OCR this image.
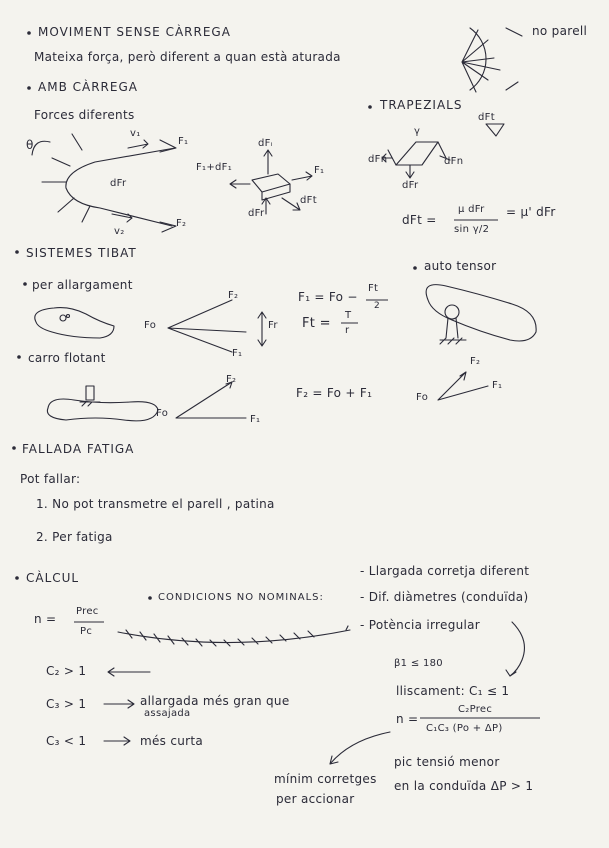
MOVIMENT SENSE CÀRREGA
Mateixa força, però diferent a quan està aturada
no parell
AMB CÀRREGA
Forces diferents
θ
v₁
F₁
dFr
F₂
v₂
dFᵢ
F₁+dF₁	F₁
dFt
dFr
TRAPEZIALS
dFt
γ
dFn	dFn
dFr
dFt =
μ dFr
sin γ/2
= μ' dFr
SISTEMES TIBAT
per allargament
F₂
Fo	Fr
F₁
F₁ = Fo −
Ft
2
Ft =
T
r
auto tensor
F₂
F₁
Fo
carro flotant
F₂
Fo
F₁
F₂ = Fo + F₁
FALLADA FATIGA
Pot fallar:
1. No pot transmetre el parell , patina
2. Per fatiga
CÀLCUL
n =
Prec
Pc
CONDICIONS NO NOMINALS:
- Llargada corretja diferent
- Dif. diàmetres (conduïda)
- Potència irregular
β1 ≤ 180
lliscament: C₁ ≤ 1
n =
C₂Prec
C₁C₃ (Po + ΔP)
C₂ > 1
C₃ > 1	allargada més gran que
assajada
C₃ < 1	més curta
mínim corretges
per accionar
pic tensió menor
en la conduïda ΔP > 1
